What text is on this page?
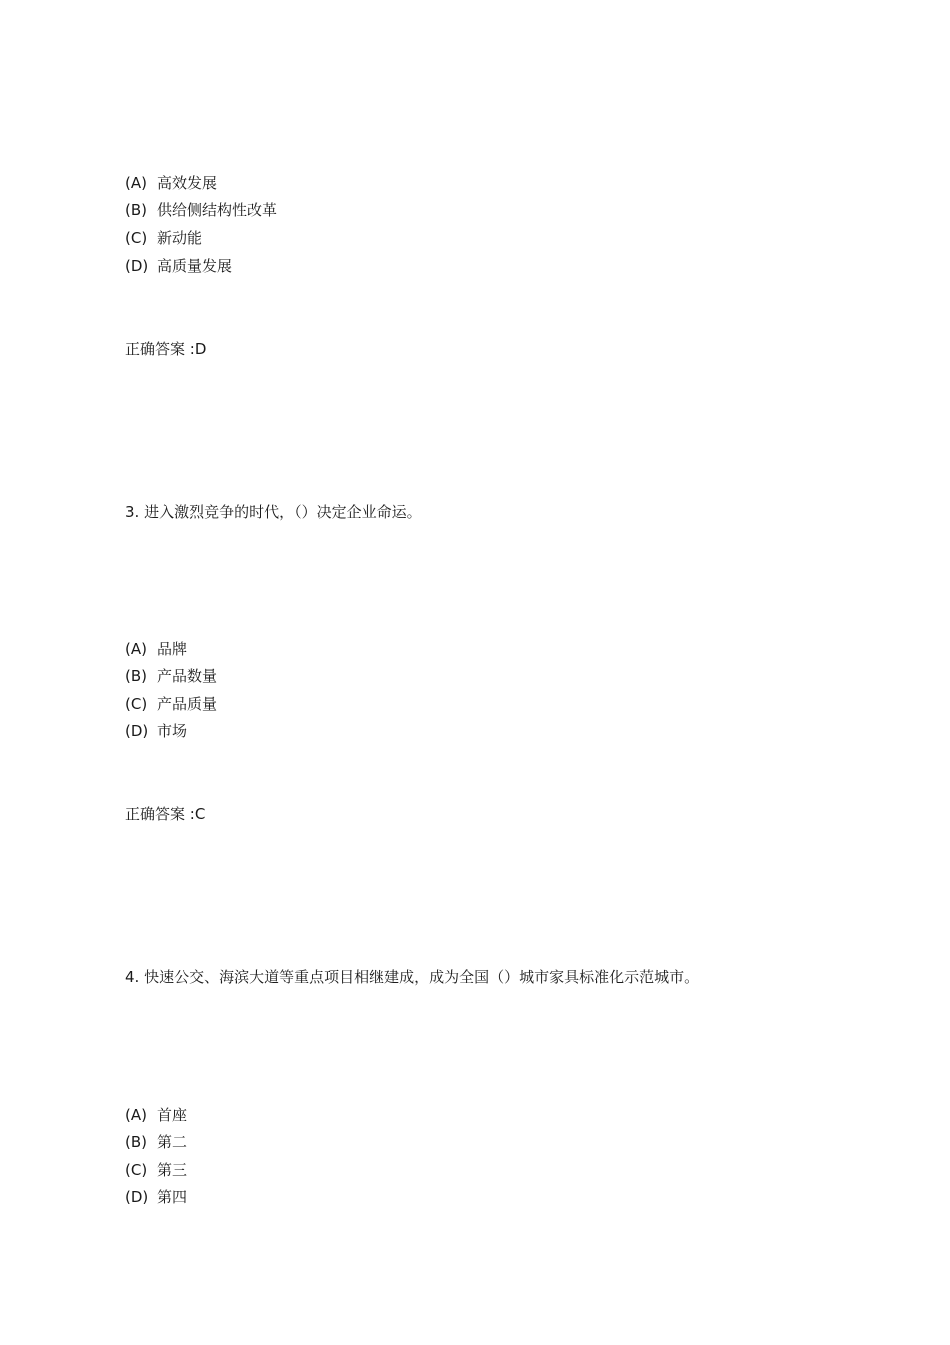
(A) 高效发展
(B) 供给侧结构性改革
(C) 新动能
(D) 高质量发展
正确答案 :D
3. 进入激烈竞争的时代，（）决定企业命运。
(A) 品牌
(B) 产品数量
(C) 产品质量
(D) 市场
正确答案 :C
4. 快速公交、海滨大道等重点项目相继建成，成为全国（）城市家具标准化示范城市。
(A) 首座
(B) 第二
(C) 第三
(D) 第四
